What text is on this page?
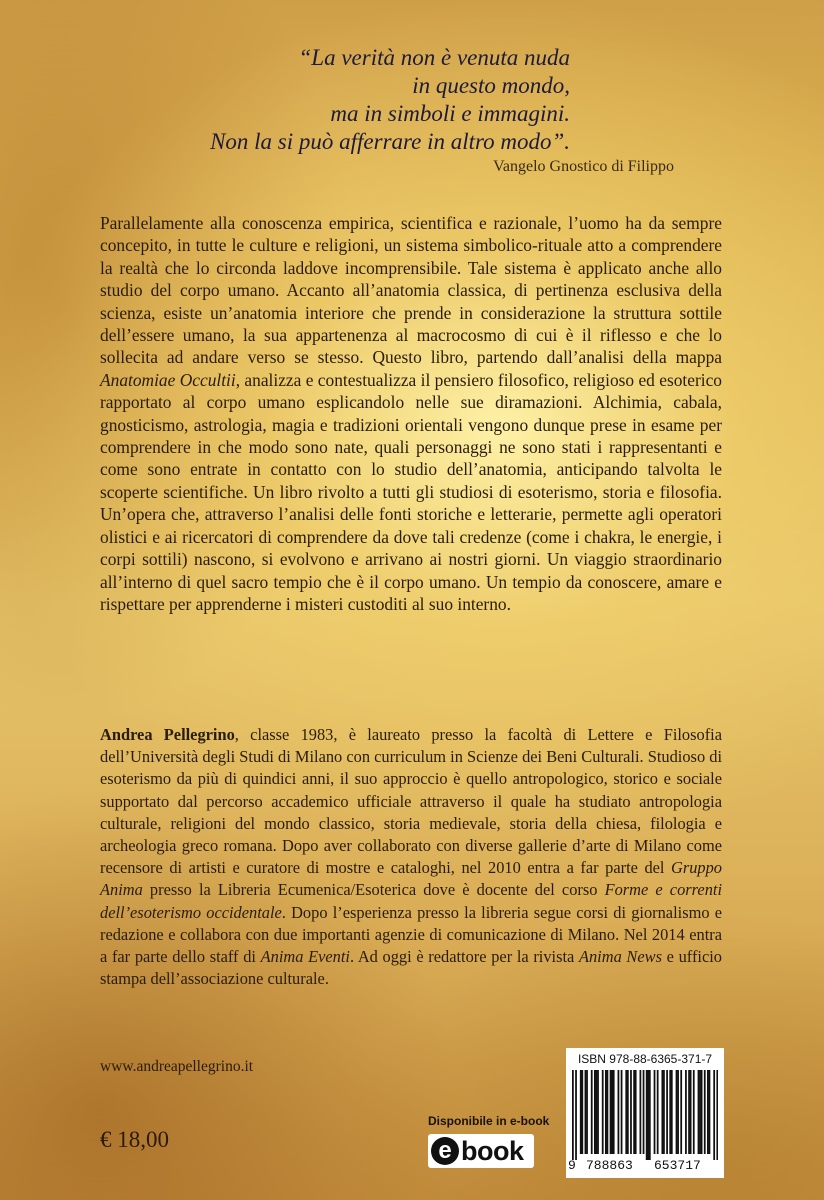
“La verità non è venuta nuda
in questo mondo,
ma in simboli e immagini.
Non la si può afferrare in altro modo”.
Vangelo Gnostico di Filippo
Parallelamente alla conoscenza empirica, scientifica e razionale, l’uomo ha da sempre concepito, in tutte le culture e religioni, un sistema simbolico-rituale atto a comprendere la realtà che lo circonda laddove incomprensibile. Tale sistema è applicato anche allo studio del corpo umano. Accanto all’anatomia classica, di pertinenza esclusiva della scienza, esiste un’anatomia interiore che prende in considerazione la struttura sottile dell’essere umano, la sua appartenenza al macrocosmo di cui è il riflesso e che lo sollecita ad andare verso se stesso. Questo libro, partendo dall’analisi della mappa Anatomiae Occultii, analizza e contestualizza il pensiero filosofico, religioso ed esoterico rapportato al corpo umano esplicandolo nelle sue diramazioni. Alchimia, cabala, gnosticismo, astrologia, magia e tradizioni orientali vengono dunque prese in esame per comprendere in che modo sono nate, quali personaggi ne sono stati i rappresentanti e come sono entrate in contatto con lo studio dell’anatomia, anticipando talvolta le scoperte scientifiche. Un libro rivolto a tutti gli studiosi di esoterismo, storia e filosofia. Un’opera che, attraverso l’analisi delle fonti storiche e letterarie, permette agli operatori olistici e ai ricercatori di comprendere da dove tali credenze (come i chakra, le energie, i corpi sottili) nascono, si evolvono e arrivano ai nostri giorni. Un viaggio straordinario all’interno di quel sacro tempio che è il corpo umano. Un tempio da conoscere, amare e rispettare per apprenderne i misteri custoditi al suo interno.
Andrea Pellegrino, classe 1983, è laureato presso la facoltà di Lettere e Filosofia dell’Università degli Studi di Milano con curriculum in Scienze dei Beni Culturali. Studioso di esoterismo da più di quindici anni, il suo approccio è quello antropologico, storico e sociale supportato dal percorso accademico ufficiale attraverso il quale ha studiato antropologia culturale, religioni del mondo classico, storia medievale, storia della chiesa, filologia e archeologia greco romana. Dopo aver collaborato con diverse gallerie d’arte di Milano come recensore di artisti e curatore di mostre e cataloghi, nel 2010 entra a far parte del Gruppo Anima presso la Libreria Ecumenica/Esoterica dove è docente del corso Forme e correnti dell’esoterismo occidentale. Dopo l’esperienza presso la libreria segue corsi di giornalismo e redazione e collabora con due importanti agenzie di comunicazione di Milano. Nel 2014 entra a far parte dello staff di Anima Eventi. Ad oggi è redattore per la rivista Anima News e ufficio stampa dell’associazione culturale.
www.andreapellegrino.it
€ 18,00
Disponibile in e-book
e book
ISBN 978-88-6365-371-7
9 788863 653717
